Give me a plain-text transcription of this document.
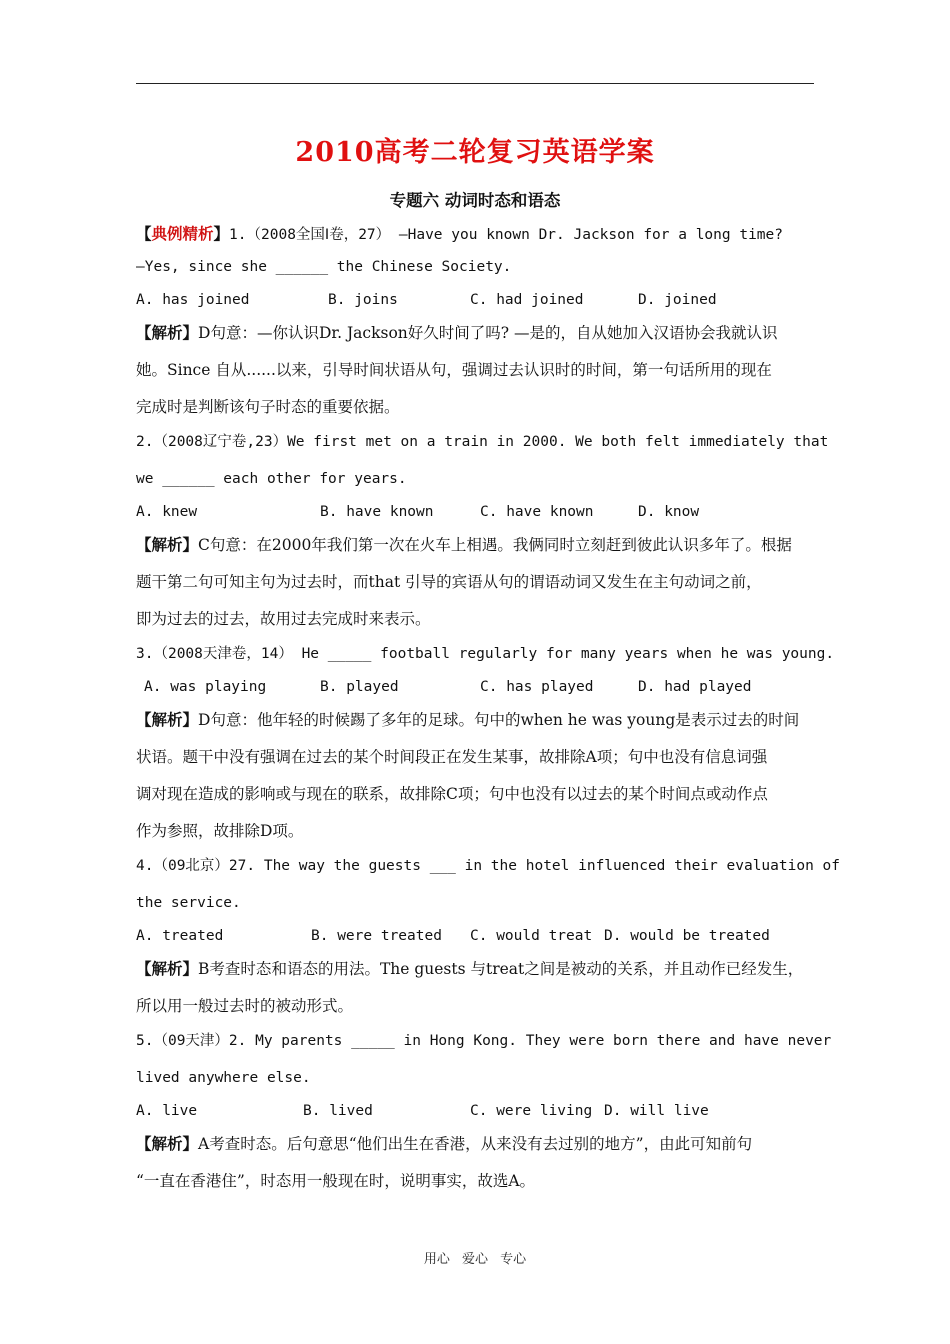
2010高考二轮复习英语学案
专题六 动词时态和语态
【典例精析】1.（2008全国Ⅰ卷，27） —Have you known Dr. Jackson for a long time?
—Yes, since she ______ the Chinese Society.
A. has joined	B. joins	C. had joined	D. joined
【解析】D句意：—你认识Dr. Jackson好久时间了吗? —是的，自从她加入汉语协会我就认识
她。Since 自从......以来，引导时间状语从句，强调过去认识时的时间，第一句话所用的现在
完成时是判断该句子时态的重要依据。
2.（2008辽宁卷,23）We first met on a train in 2000. We both felt immediately that
we ______ each other for years.
A. knew	B. have known	C. have known	D. know
【解析】C句意：在2000年我们第一次在火车上相遇。我俩同时立刻赶到彼此认识多年了。根据
题干第二句可知主句为过去时，而that 引导的宾语从句的谓语动词又发生在主句动词之前，
即为过去的过去，故用过去完成时来表示。
3.（2008天津卷，14） He _____ football regularly for many years when he was young.
A. was playing	B. played	C. has played	D. had played
【解析】D句意：他年轻的时候踢了多年的足球。句中的when he was young是表示过去的时间
状语。题干中没有强调在过去的某个时间段正在发生某事，故排除A项；句中也没有信息词强
调对现在造成的影响或与现在的联系，故排除C项；句中也没有以过去的某个时间点或动作点
作为参照，故排除D项。
4.（09北京）27. The way the guests ___ in the hotel influenced their evaluation of
the service.
A. treated	B. were treated C. would treat D. would be treated
【解析】B考查时态和语态的用法。The guests 与treat之间是被动的关系，并且动作已经发生，
所以用一般过去时的被动形式。
5.（09天津）2. My parents _____ in Hong Kong. They were born there and have never
lived anywhere else.
A. live	B. lived	C. were living D. will live
【解析】A考查时态。后句意思“他们出生在香港，从来没有去过别的地方”，由此可知前句
“一直在香港住”，时态用一般现在时，说明事实，故选A。
用心 爱心 专心
